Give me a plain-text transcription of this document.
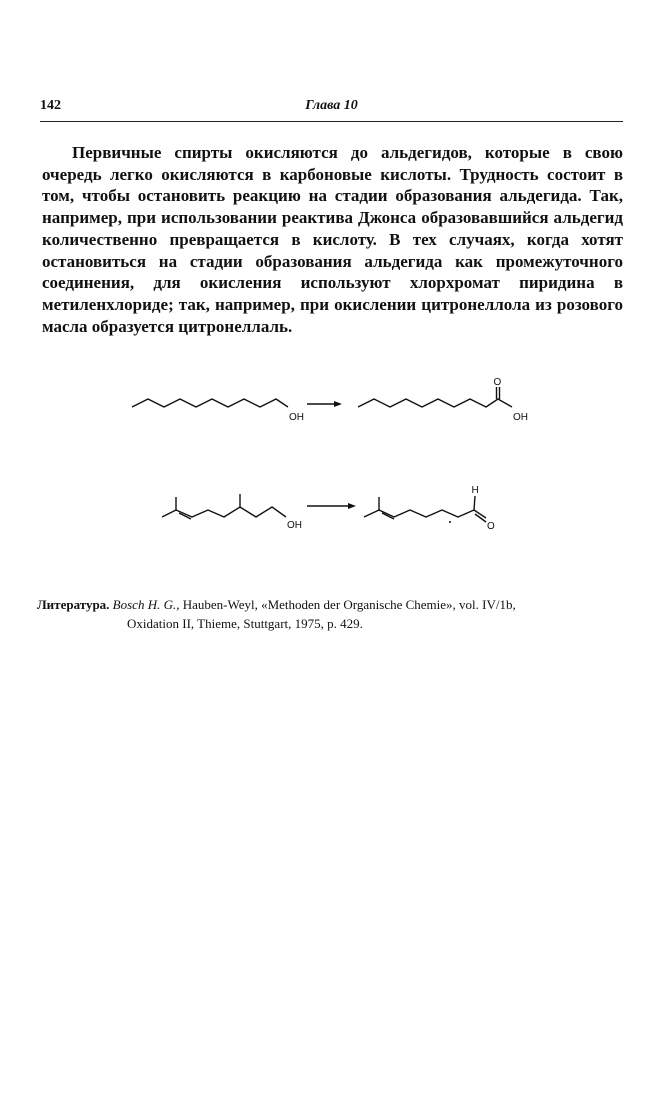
142	Глава 10

Первичные спирты окисляются до альдегидов, которые в свою очередь легко окисляются в карбоновые кислоты. Трудность состоит в том, чтобы остановить реакцию на стадии образования альдегида. Так, например, при использовании реактива Джонса образовавшийся альдегид количественно превращается в кислоту. В тех случаях, когда хотят остановиться на стадии образования альдегида как промежуточного соединения, для окисления используют хлорхромат пиридина в метиленхлориде; так, например, при окислении цитронеллола из розового масла образуется цитронеллаль.

OH
O
OH
OH
H
O
Литература. Bosch H. G., Hauben-Weyl, «Methoden der Organische Chemie», vol. IV/1b,
Oxidation II, Thieme, Stuttgart, 1975, p. 429.
